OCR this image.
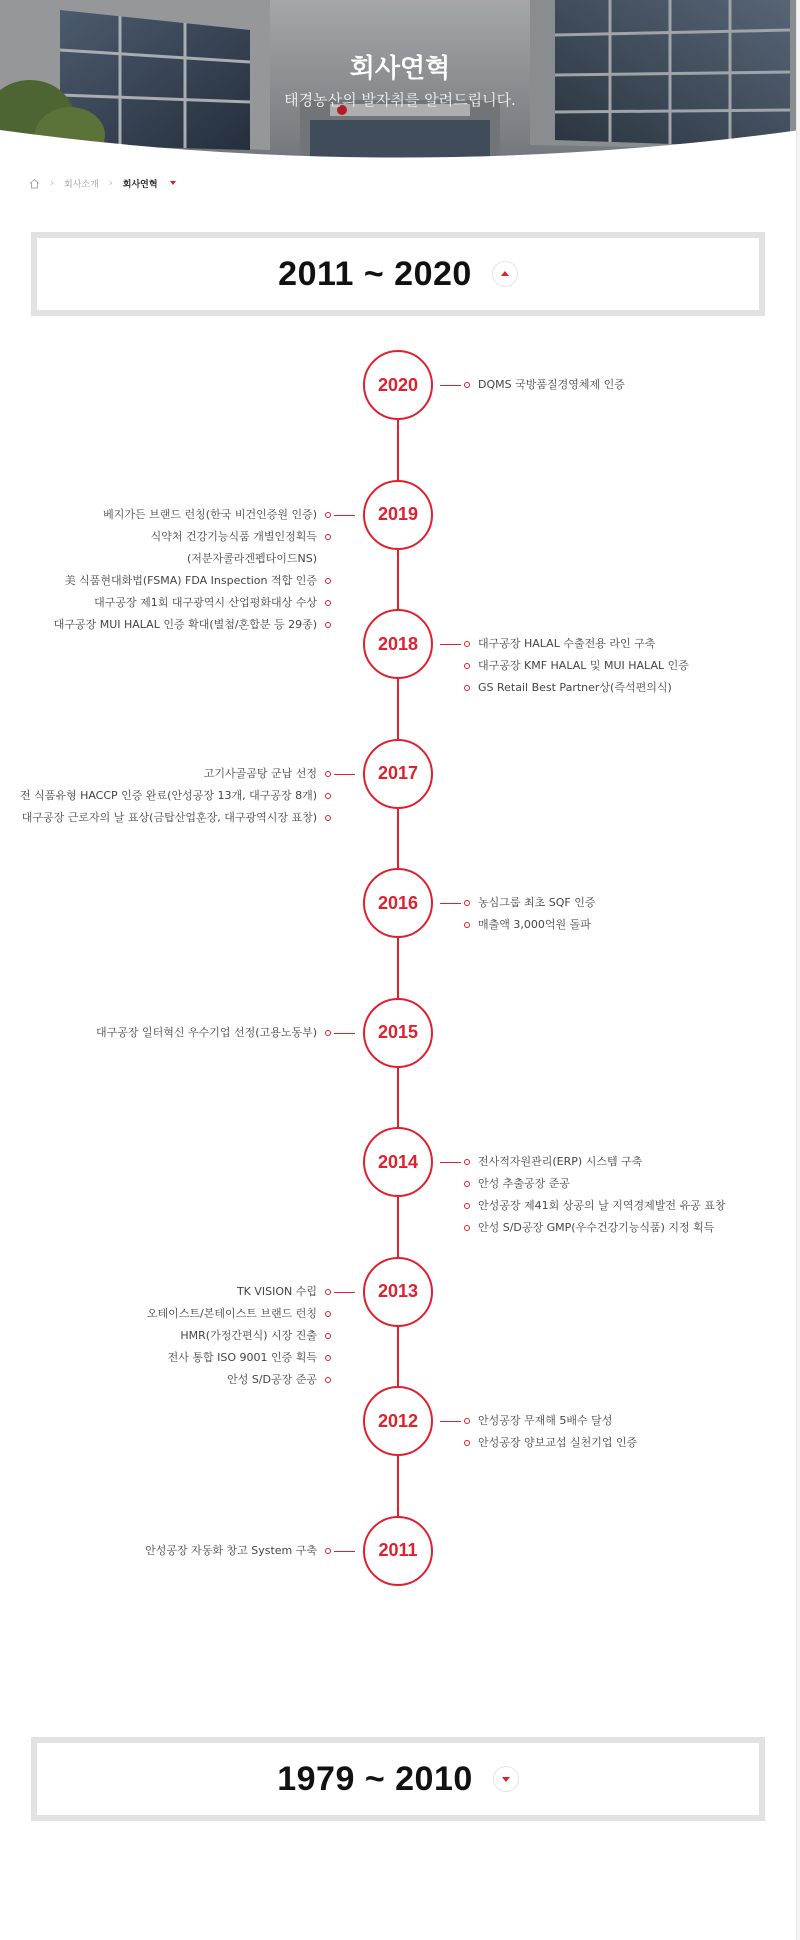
회사연혁
태경농산의 발자취를 알려드립니다.
› 회사소개 › 회사연혁
2011 ~ 2020
2020	DQMS 국방품질경영체제 인증
2019
베지가든 브랜드 런칭(한국 비건인증원 인증)
식약처 건강기능식품 개별인정획득
(저분자콜라겐펩타이드NS)
美 식품현대화법(FSMA) FDA Inspection 적합 인증
대구공장 제1회 대구광역시 산업평화대상 수상
대구공장 MUI HALAL 인증 확대(별첨/혼합분 등 29종)
2018	대구공장 HALAL 수출전용 라인 구축
대구공장 KMF HALAL 및 MUI HALAL 인증
GS Retail Best Partner상(즉석편의식)
2017
고기사골곰탕 군납 선정
전 식품유형 HACCP 인증 완료(안성공장 13개, 대구공장 8개)
대구공장 근로자의 날 표상(금탑산업훈장, 대구광역시장 표창)
2016	농심그룹 최초 SQF 인증
매출액 3,000억원 돌파
2015
대구공장 일터혁신 우수기업 선정(고용노동부)
2014	전사적자원관리(ERP) 시스템 구축
안성 추출공장 준공
안성공장 제41회 상공의 날 지역경제발전 유공 표창
안성 S/D공장 GMP(우수건강기능식품) 지정 획득
2013
TK VISION 수립
오테이스트/본테이스트 브랜드 런칭
HMR(가정간편식) 시장 진출
전사 통합 ISO 9001 인증 획득
안성 S/D공장 준공
2012	안성공장 무재해 5배수 달성
안성공장 양보교섭 실천기업 인증
2011
안성공장 자동화 창고 System 구축
1979 ~ 2010
